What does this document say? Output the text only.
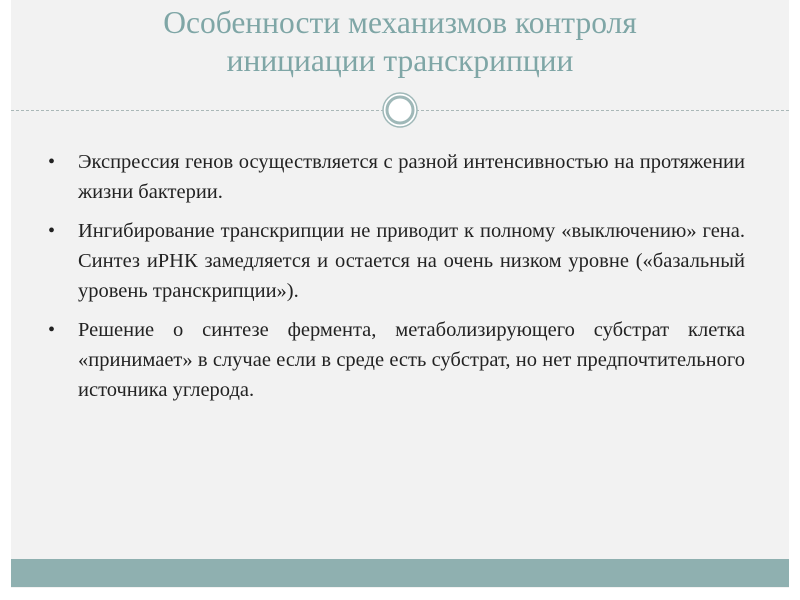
Особенности механизмов контроля
инициации транскрипции
•	Экспрессия генов осуществляется с разной интенсивностью на протяжении жизни бактерии.
•	Ингибирование транскрипции не приводит к полному «выключению» гена. Синтез иРНК замедляется и остается на очень низком уровне («базальный уровень транскрипции»).
•	Решение о синтезе фермента, метаболизирующего субстрат клетка «принимает» в случае если в среде есть субстрат, но нет предпочтительного источника углерода.
